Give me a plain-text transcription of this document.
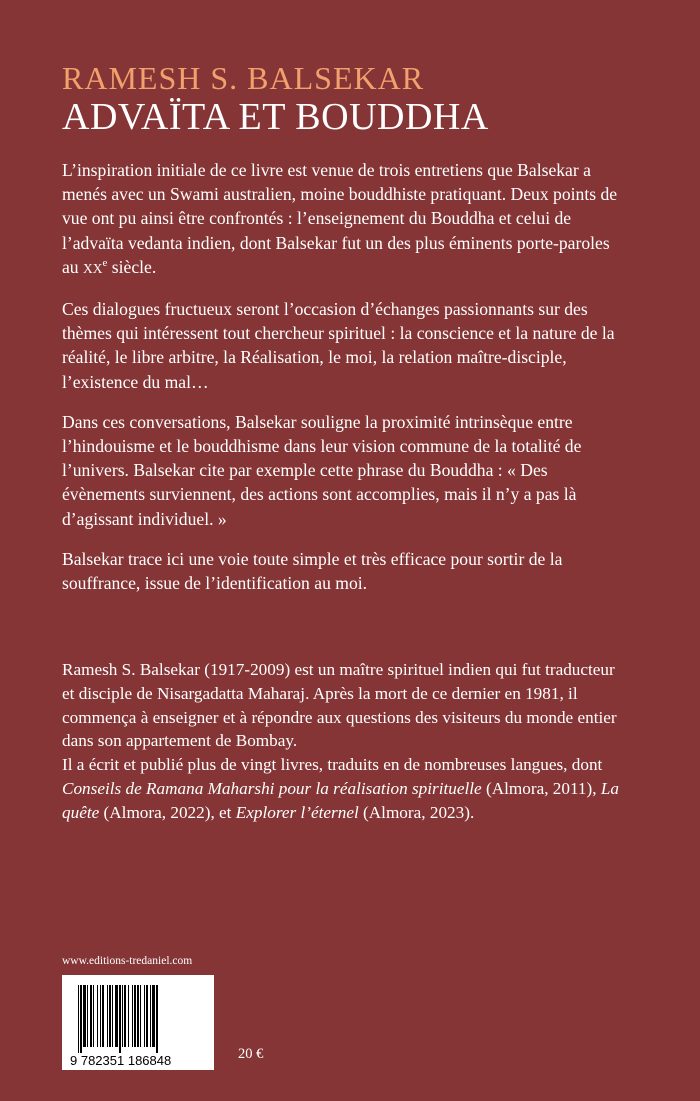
RAMESH S. BALSEKAR
ADVAÏTA ET BOUDDHA

L’inspiration initiale de ce livre est venue de trois entretiens que Balsekar a menés avec un Swami australien, moine bouddhiste pratiquant. Deux points de vue ont pu ainsi être confrontés : l’enseignement du Bouddha et celui de l’advaïta vedanta indien, dont Balsekar fut un des plus éminents porte-paroles
au XXe siècle.

Ces dialogues fructueux seront l’occasion d’échanges passionnants sur des thèmes qui intéressent tout chercheur spirituel : la conscience et la nature de la réalité, le libre arbitre, la Réalisation, le moi, la relation maître-disciple, l’existence du mal…

Dans ces conversations, Balsekar souligne la proximité intrinsèque entre l’hindouisme et le bouddhisme dans leur vision commune de la totalité de l’univers. Balsekar cite par exemple cette phrase du Bouddha : « Des évènements surviennent, des actions sont accomplies, mais il n’y a pas là d’agissant individuel. »

Balsekar trace ici une voie toute simple et très efficace pour sortir de la souffrance, issue de l’identification au moi.

Ramesh S. Balsekar (1917-2009) est un maître spirituel indien qui fut traducteur et disciple de Nisargadatta Maharaj. Après la mort de ce dernier en 1981, il commença à enseigner et à répondre aux questions des visiteurs du monde entier dans son appartement de Bombay.

Il a écrit et publié plus de vingt livres, traduits en de nombreuses langues, dont Conseils de Ramana Maharshi pour la réalisation spirituelle (Almora, 2011), La quête (Almora, 2022), et Explorer l’éternel (Almora, 2023).

www.editions-tredaniel.com
9 782351 186848	20 €
